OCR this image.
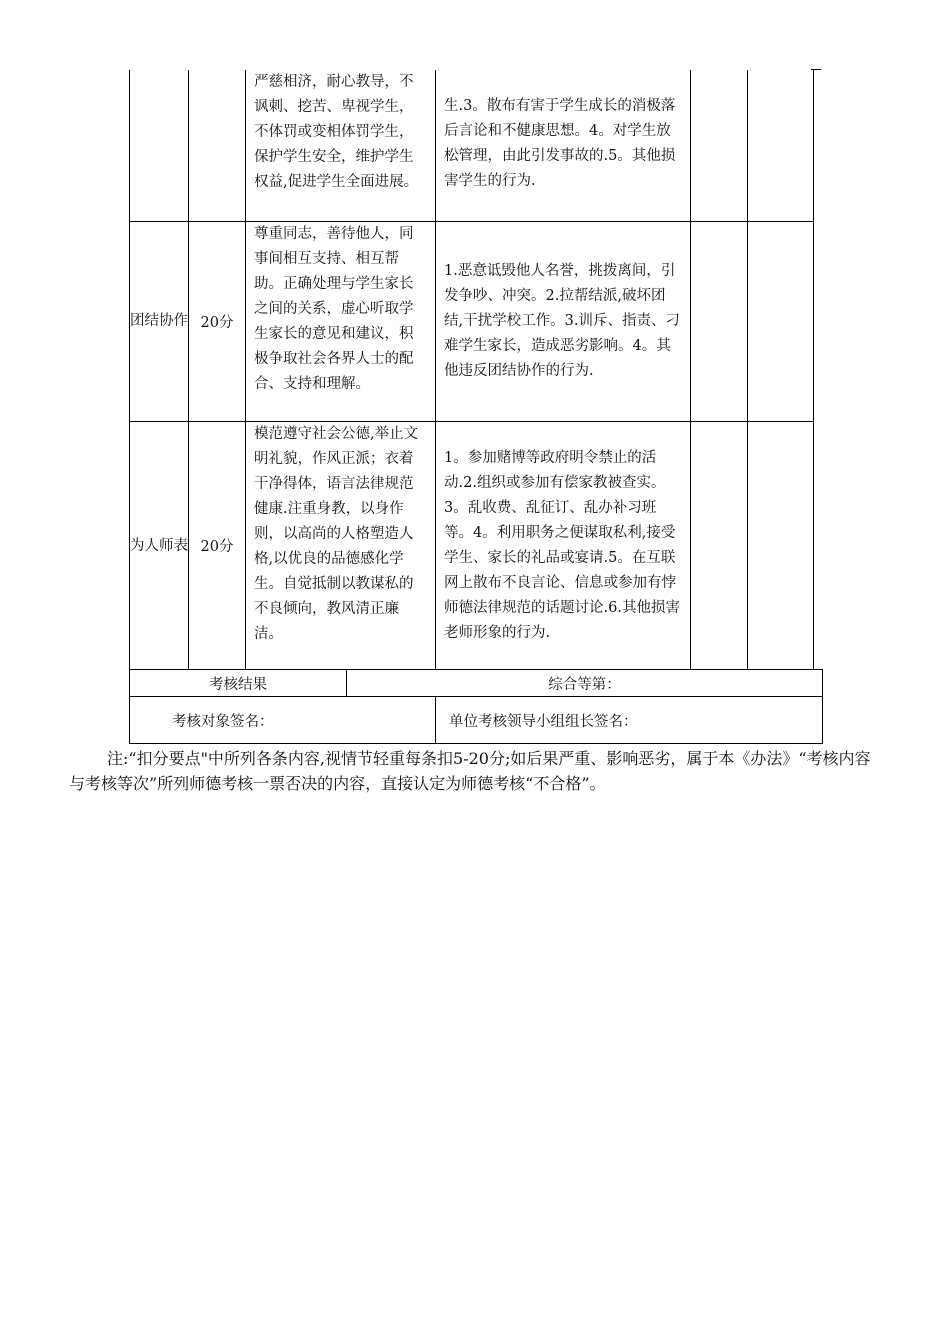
		严慈相济，耐心教导，不讽刺、挖苦、卑视学生，不体罚或变相体罚学生，保护学生安全，维护学生权益,促进学生全面进展。	生.3。散布有害于学生成长的消极落后言论和不健康思想。4。对学生放松管理，由此引发事故的.5。其他损害学生的行为.		
团结协作	20分	尊重同志，善待他人，同事间相互支持、相互帮助。正确处理与学生家长之间的关系，虚心听取学生家长的意见和建议，积极争取社会各界人士的配合、支持和理解。	1.恶意诋毁他人名誉，挑拨离间，引发争吵、冲突。2.拉帮结派,破坏团结,干扰学校工作。3.训斥、指责、刁难学生家长，造成恶劣影响。4。其他违反团结协作的行为.		
为人师表	20分	模范遵守社会公德,举止文明礼貌，作风正派；衣着干净得体，语言法律规范健康.注重身教，以身作则，以高尚的人格塑造人格,以优良的品德感化学生。自觉抵制以教谋私的不良倾向，教风清正廉洁。	1。参加赌博等政府明令禁止的活动.2.组织或参加有偿家教被查实。3。乱收费、乱征订、乱办补习班等。4。利用职务之便谋取私利,接受学生、家长的礼品或宴请.5。在互联网上散布不良言论、信息或参加有悖师德法律规范的话题讨论.6.其他损害老师形象的行为.		
考核结果	综合等第：	
考核对象签名：		单位考核领导小组组长签名：

注:“扣分要点"中所列各条内容,视情节轻重每条扣5-20分;如后果严重、影响恶劣，属于本《办法》“考核内容与考核等次”所列师德考核一票否决的内容，直接认定为师德考核“不合格”。
